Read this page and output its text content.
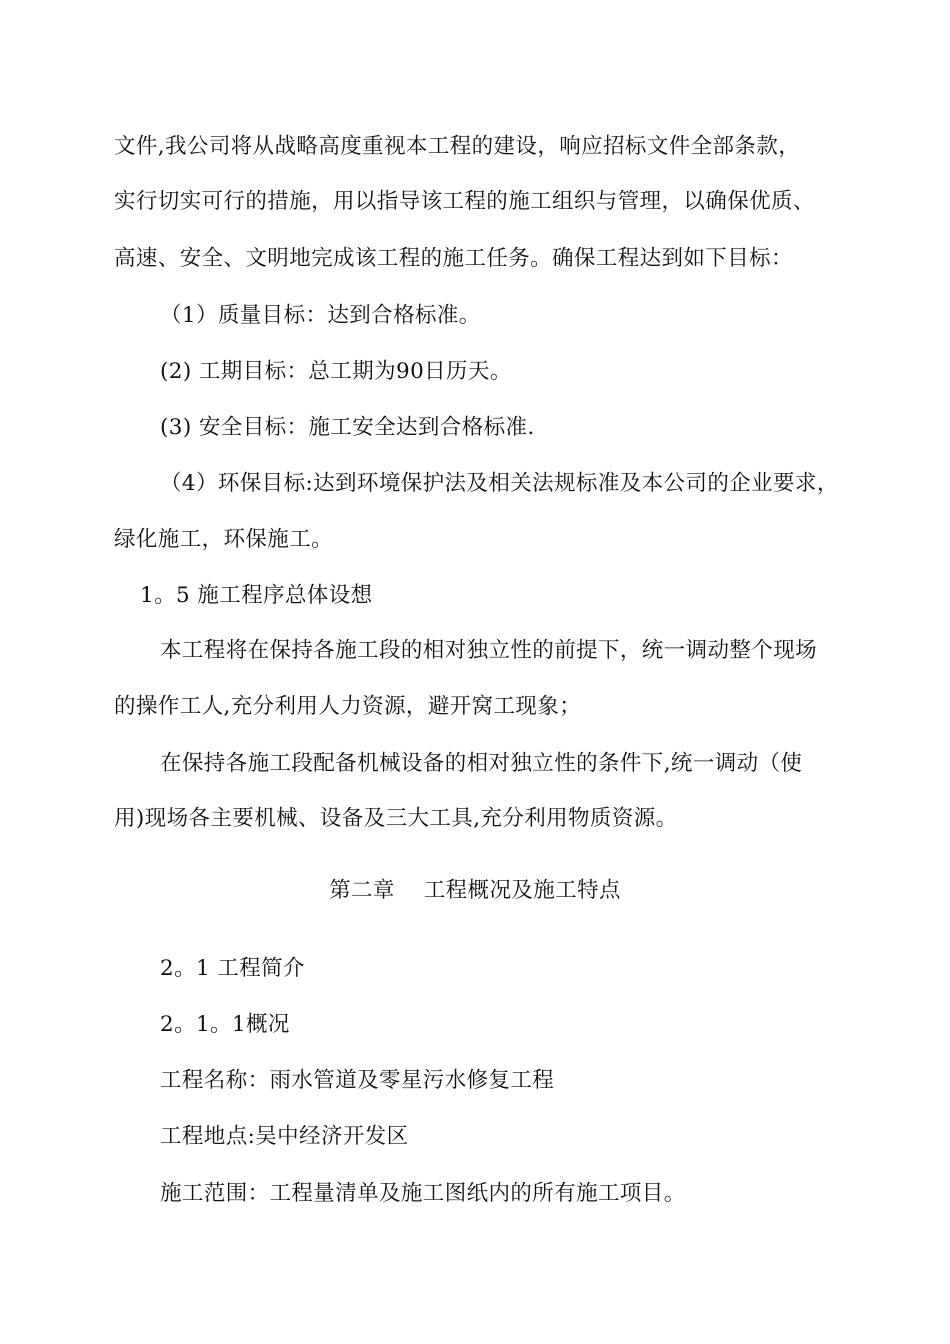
文件,我公司将从战略高度重视本工程的建设，响应招标文件全部条款，
实行切实可行的措施，用以指导该工程的施工组织与管理，以确保优质、
高速、安全、文明地完成该工程的施工任务。确保工程达到如下目标：
（1）质量目标：达到合格标准。
(2) 工期目标：总工期为90日历天。
(3) 安全目标：施工安全达到合格标准.
（4）环保目标:达到环境保护法及相关法规标准及本公司的企业要求，
绿化施工，环保施工。
1。5 施工程序总体设想
本工程将在保持各施工段的相对独立性的前提下，统一调动整个现场
的操作工人,充分利用人力资源，避开窝工现象；
在保持各施工段配备机械设备的相对独立性的条件下,统一调动（使
用)现场各主要机械、设备及三大工具,充分利用物质资源。
第二章    工程概况及施工特点
2。1 工程简介
2。1。1概况
工程名称：雨水管道及零星污水修复工程
工程地点:吴中经济开发区
施工范围：工程量清单及施工图纸内的所有施工项目。
